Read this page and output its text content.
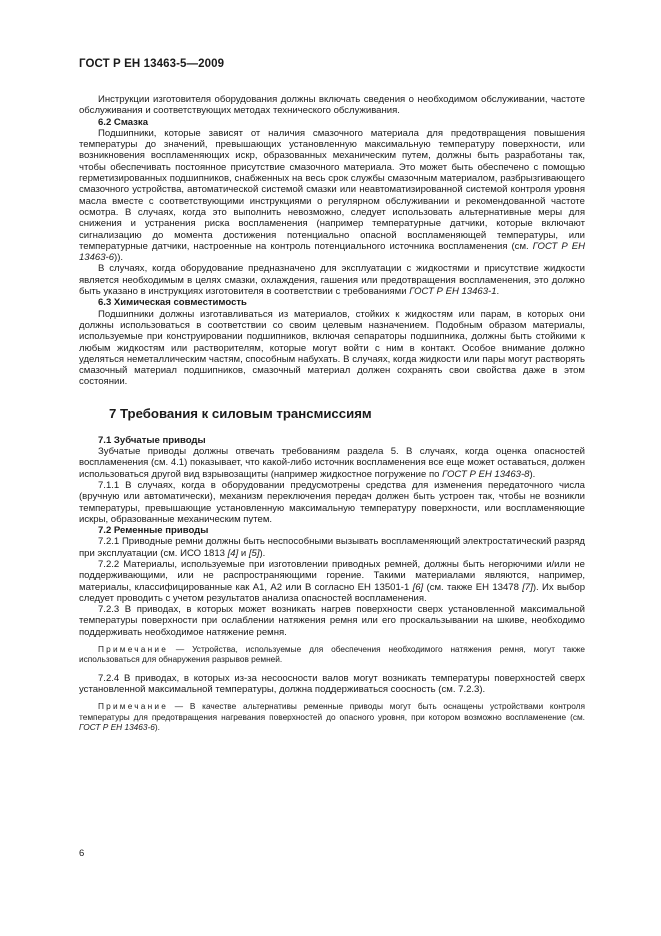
ГОСТ Р ЕН 13463-5—2009

Инструкции изготовителя оборудования должны включать сведения о необходимом обслуживании, частоте обслуживания и соответствующих методах технического обслуживания.

6.2 Смазка

Подшипники, которые зависят от наличия смазочного материала для предотвращения повышения температуры до значений, превышающих установленную максимальную температуру поверхности, или возникновения воспламеняющих искр, образованных механическим путем, должны быть разработаны так, чтобы обеспечивать постоянное присутствие смазочного материала. Это может быть обеспечено с помощью герметизированных подшипников, снабженных на весь срок службы смазочным материалом, разбрызгивающего смазочного устройства, автоматической системой смазки или неавтоматизированной системой контроля уровня масла вместе с соответствующими инструкциями о регулярном обслуживании и рекомендованной частоте осмотра. В случаях, когда это выполнить невозможно, следует использовать альтернативные меры для снижения и устранения риска воспламенения (например температурные датчики, которые включают сигнализацию до момента достижения потенциально опасной воспламеняющей температуры, или температурные датчики, настроенные на контроль потенциального источника воспламенения (см. ГОСТ Р ЕН 13463-6)).

В случаях, когда оборудование предназначено для эксплуатации с жидкостями и присутствие жидкости является необходимым в целях смазки, охлаждения, гашения или предотвращения воспламенения, это должно быть указано в инструкциях изготовителя в соответствии с требованиями ГОСТ Р ЕН 13463-1.

6.3 Химическая совместимость

Подшипники должны изготавливаться из материалов, стойких к жидкостям или парам, в которых они должны использоваться в соответствии со своим целевым назначением. Подобным образом материалы, используемые при конструировании подшипников, включая сепараторы подшипника, должны быть стойкими к любым жидкостям или растворителям, которые могут войти с ним в контакт. Особое внимание должно уделяться неметаллическим частям, способным набухать. В случаях, когда жидкости или пары могут растворять смазочный материал подшипников, смазочный материал должен сохранять свои свойства даже в этом состоянии.

7 Требования к силовым трансмиссиям
7.1 Зубчатые приводы

Зубчатые приводы должны отвечать требованиям раздела 5. В случаях, когда оценка опасностей воспламенения (см. 4.1) показывает, что какой-либо источник воспламенения все еще может оставаться, должен использоваться другой вид взрывозащиты (например жидкостное погружение по ГОСТ Р ЕН 13463-8).

7.1.1 В случаях, когда в оборудовании предусмотрены средства для изменения передаточного числа (вручную или автоматически), механизм переключения передач должен быть устроен так, чтобы не возникли температуры, превышающие установленную максимальную температуру поверхности, или воспламеняющие искры, образованные механическим путем.

7.2 Ременные приводы

7.2.1 Приводные ремни должны быть неспособными вызывать воспламеняющий электростатический разряд при эксплуатации (см. ИСО 1813 [4] и [5]).

7.2.2 Материалы, используемые при изготовлении приводных ремней, должны быть негорючими и/или не поддерживающими, или не распространяющими горение. Такими материалами являются, например, материалы, классифицированные как А1, А2 или В согласно ЕН 13501-1 [6] (см. также ЕН 13478 [7]). Их выбор следует проводить с учетом результатов анализа опасностей воспламенения.

7.2.3 В приводах, в которых может возникать нагрев поверхности сверх установленной максимальной температуры поверхности при ослаблении натяжения ремня или его проскальзывании на шкиве, необходимо поддерживать необходимое натяжение ремня.

Примечание — Устройства, используемые для обеспечения необходимого натяжения ремня, могут также использоваться для обнаружения разрывов ремней.

7.2.4 В приводах, в которых из-за несоосности валов могут возникать температуры поверхностей сверх установленной максимальной температуры, должна поддерживаться соосность (см. 7.2.3).

Примечание — В качестве альтернативы ременные приводы могут быть оснащены устройствами контроля температуры для предотвращения нагревания поверхностей до опасного уровня, при котором возможно воспламенение (см. ГОСТ Р ЕН 13463-6).
6
